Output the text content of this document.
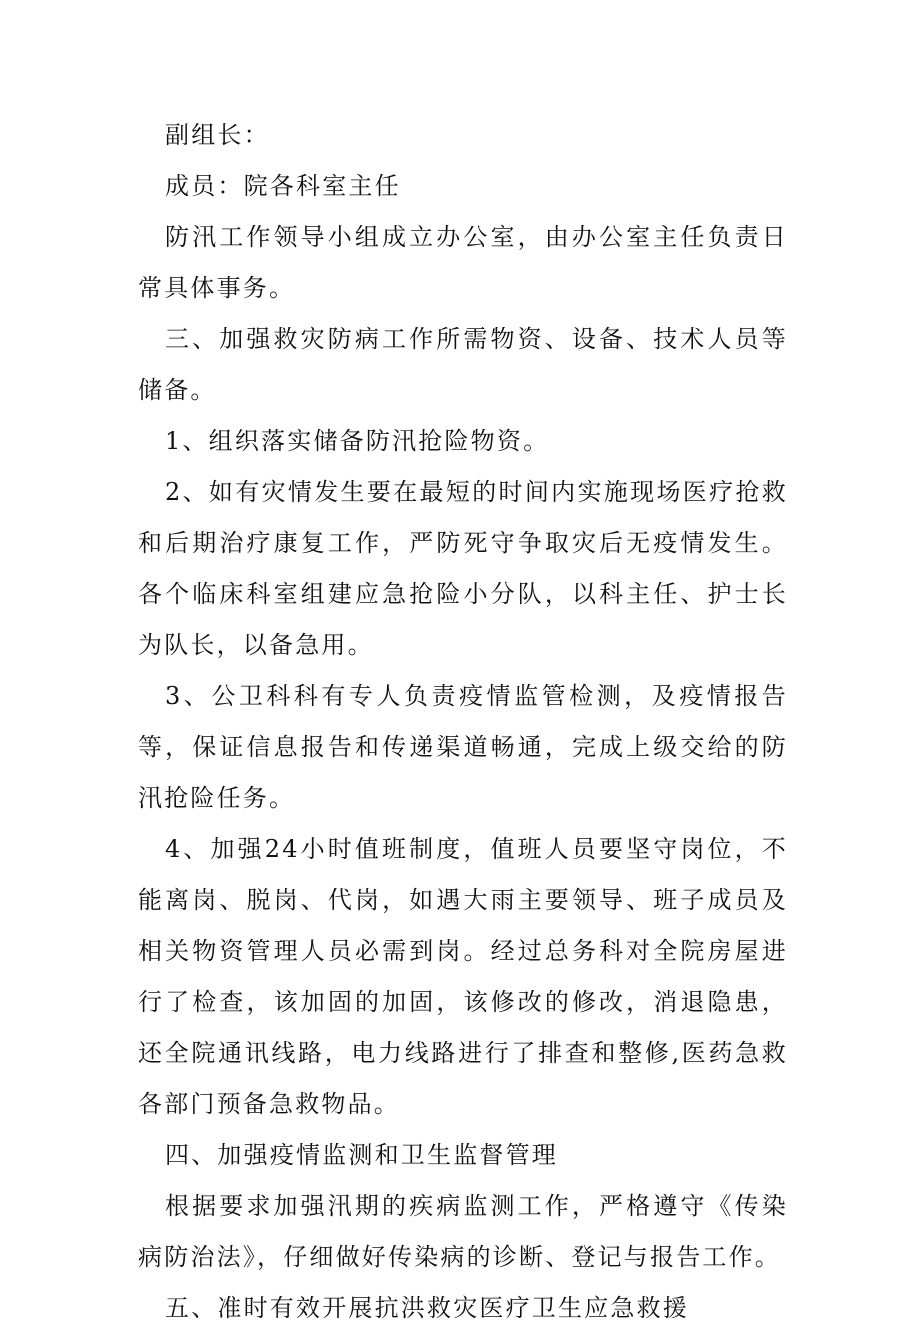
副组长：

成员：院各科室主任

防汛工作领导小组成立办公室，由办公室主任负责日常具体事务。

三、加强救灾防病工作所需物资、设备、技术人员等储备。

1、组织落实储备防汛抢险物资。

2、如有灾情发生要在最短的时间内实施现场医疗抢救和后期治疗康复工作，严防死守争取灾后无疫情发生。各个临床科室组建应急抢险小分队，以科主任、护士长为队长，以备急用。

3、公卫科科有专人负责疫情监管检测，及疫情报告等，保证信息报告和传递渠道畅通，完成上级交给的防汛抢险任务。

4、加强24小时值班制度，值班人员要坚守岗位，不能离岗、脱岗、代岗，如遇大雨主要领导、班子成员及相关物资管理人员必需到岗。经过总务科对全院房屋进行了检查，该加固的加固，该修改的修改，消退隐患，还全院通讯线路，电力线路进行了排查和整修,医药急救各部门预备急救物品。

四、加强疫情监测和卫生监督管理

根据要求加强汛期的疾病监测工作，严格遵守《传染病防治法》，仔细做好传染病的诊断、登记与报告工作。

五、准时有效开展抗洪救灾医疗卫生应急救援
